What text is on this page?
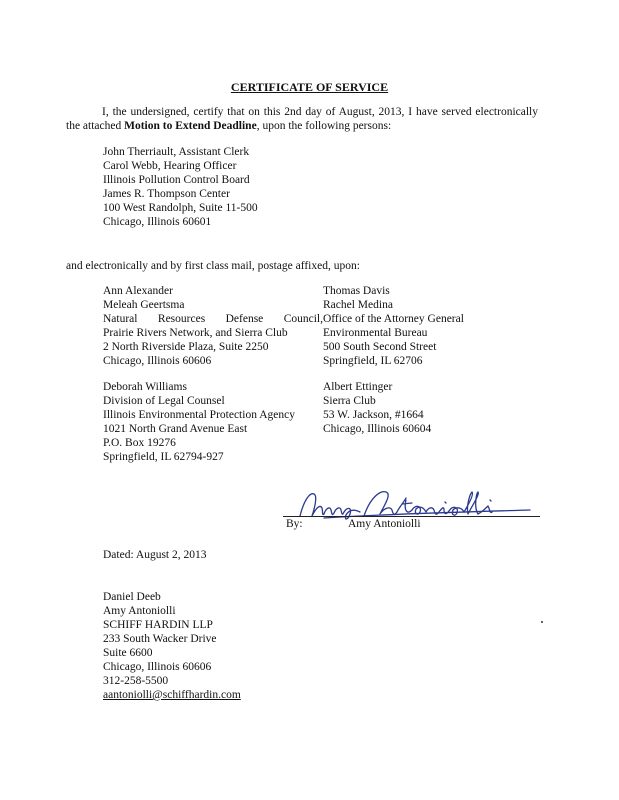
CERTIFICATE OF SERVICE
I, the undersigned, certify that on this 2nd day of August, 2013, I have served electronically the attached Motion to Extend Deadline, upon the following persons:
John Therriault, Assistant Clerk
Carol Webb, Hearing Officer
Illinois Pollution Control Board
James R. Thompson Center
100 West Randolph, Suite 11-500
Chicago, Illinois 60601
and electronically and by first class mail, postage affixed, upon:
Ann Alexander
Meleah Geertsma
Natural Resources Defense Council,
Prairie Rivers Network, and Sierra Club
2 North Riverside Plaza, Suite 2250
Chicago, Illinois 60606
Thomas Davis
Rachel Medina
Office of the Attorney General
Environmental Bureau
500 South Second Street
Springfield, IL 62706
Deborah Williams
Division of Legal Counsel
Illinois Environmental Protection Agency
1021 North Grand Avenue East
P.O. Box 19276
Springfield, IL 62794-927
Albert Ettinger
Sierra Club
53 W. Jackson, #1664
Chicago, Illinois 60604
By:	Amy Antoniolli
Dated: August 2, 2013
Daniel Deeb
Amy Antoniolli
SCHIFF HARDIN LLP
233 South Wacker Drive
Suite 6600
Chicago, Illinois 60606
312-258-5500
aantoniolli@schiffhardin.com
